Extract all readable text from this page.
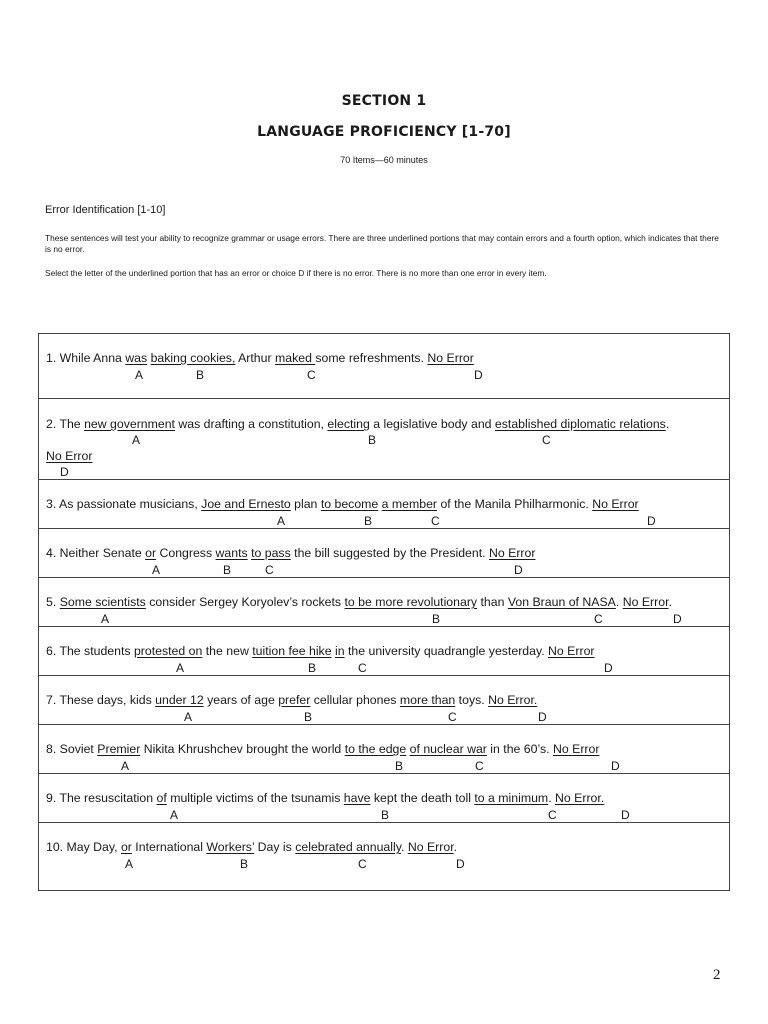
SECTION 1
LANGUAGE PROFICIENCY [1-70]
70 Items—60 minutes
Error Identification [1-10]
These sentences will test your ability to recognize grammar or usage errors. There are three underlined portions that may contain errors and a fourth option, which indicates that there is no error.
Select the letter of the underlined portion that has an error or choice D if there is no error. There is no more than one error in every item.
1. While Anna was baking cookies, Arthur maked some refreshments. No Error
A	B	C	D
2. The new government was drafting a constitution, electing a legislative body and established diplomatic relations.
A	B	C
No Error
D
3. As passionate musicians, Joe and Ernesto plan to become a member of the Manila Philharmonic. No Error
A	B	C	D
4. Neither Senate or Congress wants to pass the bill suggested by the President. No Error
A	B	C	D
5. Some scientists consider Sergey Koryolev’s rockets to be more revolutionary than Von Braun of NASA. No Error.
A	B	C	D
6. The students protested on the new tuition fee hike in the university quadrangle yesterday. No Error
A	B	C	D
7. These days, kids under 12 years of age prefer cellular phones more than toys. No Error.
A	B	C	D
8. Soviet Premier Nikita Khrushchev brought the world to the edge of nuclear war in the 60’s. No Error
A	B	C	D
9. The resuscitation of multiple victims of the tsunamis have kept the death toll to a minimum. No Error.
A	B	C	D
10. May Day, or International Workers’ Day is celebrated annually. No Error.
A	B	C	D
2
